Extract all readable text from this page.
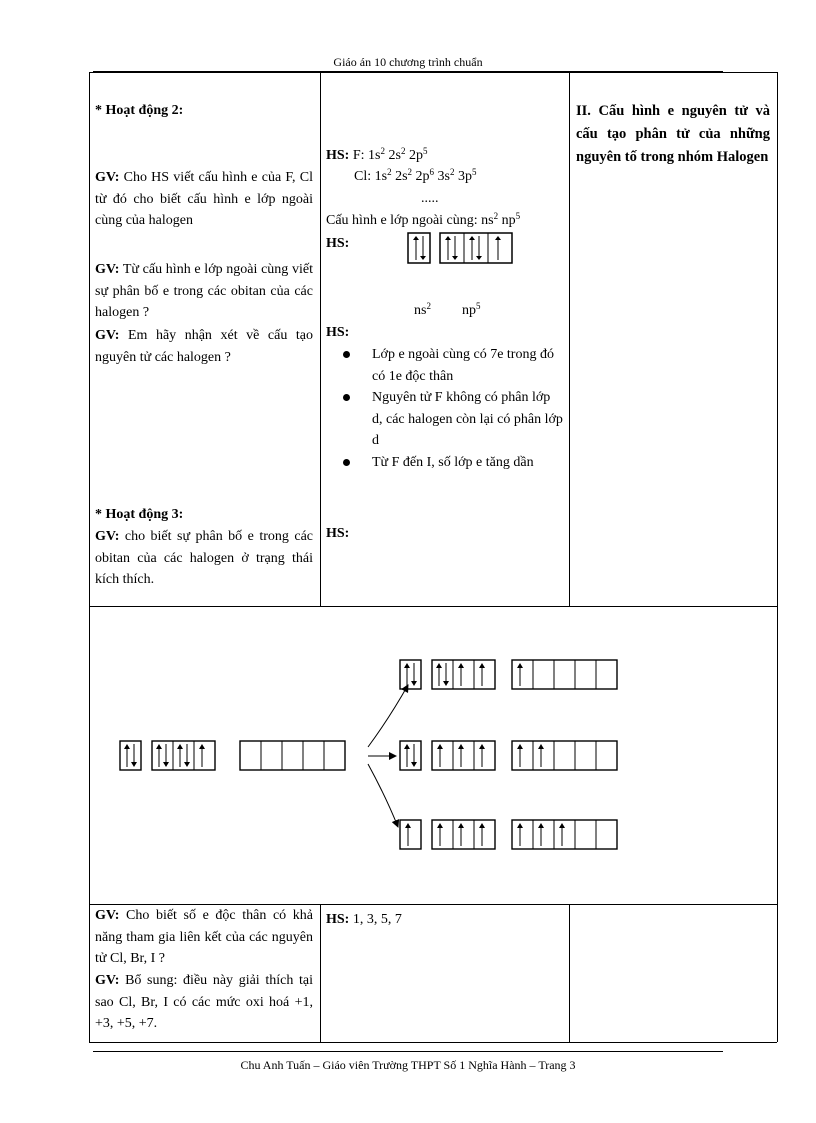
Giáo án 10 chương trình chuẩn
* Hoạt động 2:
GV: Cho HS viết cấu hình e của F, Cl từ đó cho biết cấu hình e lớp ngoài cùng của halogen
GV: Từ cấu hình e lớp ngoài cùng viết sự phân bố e trong các obitan của các halogen ?
GV: Em hãy nhận xét về cấu tạo nguyên tử các halogen ?
* Hoạt động 3:
GV: cho biết sự phân bố e trong các obitan của các halogen ở trạng thái kích thích.
HS: F: $1s^2$ $2s^2$ $2p^5$
Cl: $1s^2$ $2s^2$ $2p^6$ $3s^2$ $3p^5$
.....
Cấu hình e lớp ngoài cùng: $ns^2$ $np^5$
HS:
$ns^2$ $np^5$
HS:
Lớp e ngoài cùng có 7e trong đó có 1e độc thân
Nguyên tử F không có phân lớp d, các halogen còn lại có phân lớp d
Từ F đến I, số lớp e tăng dần
HS:
II. Cấu hình e nguyên tử và cấu tạo phân tử của những nguyên tố trong nhóm Halogen
GV: Cho biết số e độc thân có khả năng tham gia liên kết của các nguyên tử Cl, Br, I ?
GV: Bổ sung: điều này giải thích tại sao Cl, Br, I có các mức oxi hoá +1, +3, +5, +7.
HS: 1, 3, 5, 7
Chu Anh Tuấn – Giáo viên Trường THPT Số 1 Nghĩa Hành – Trang 3
